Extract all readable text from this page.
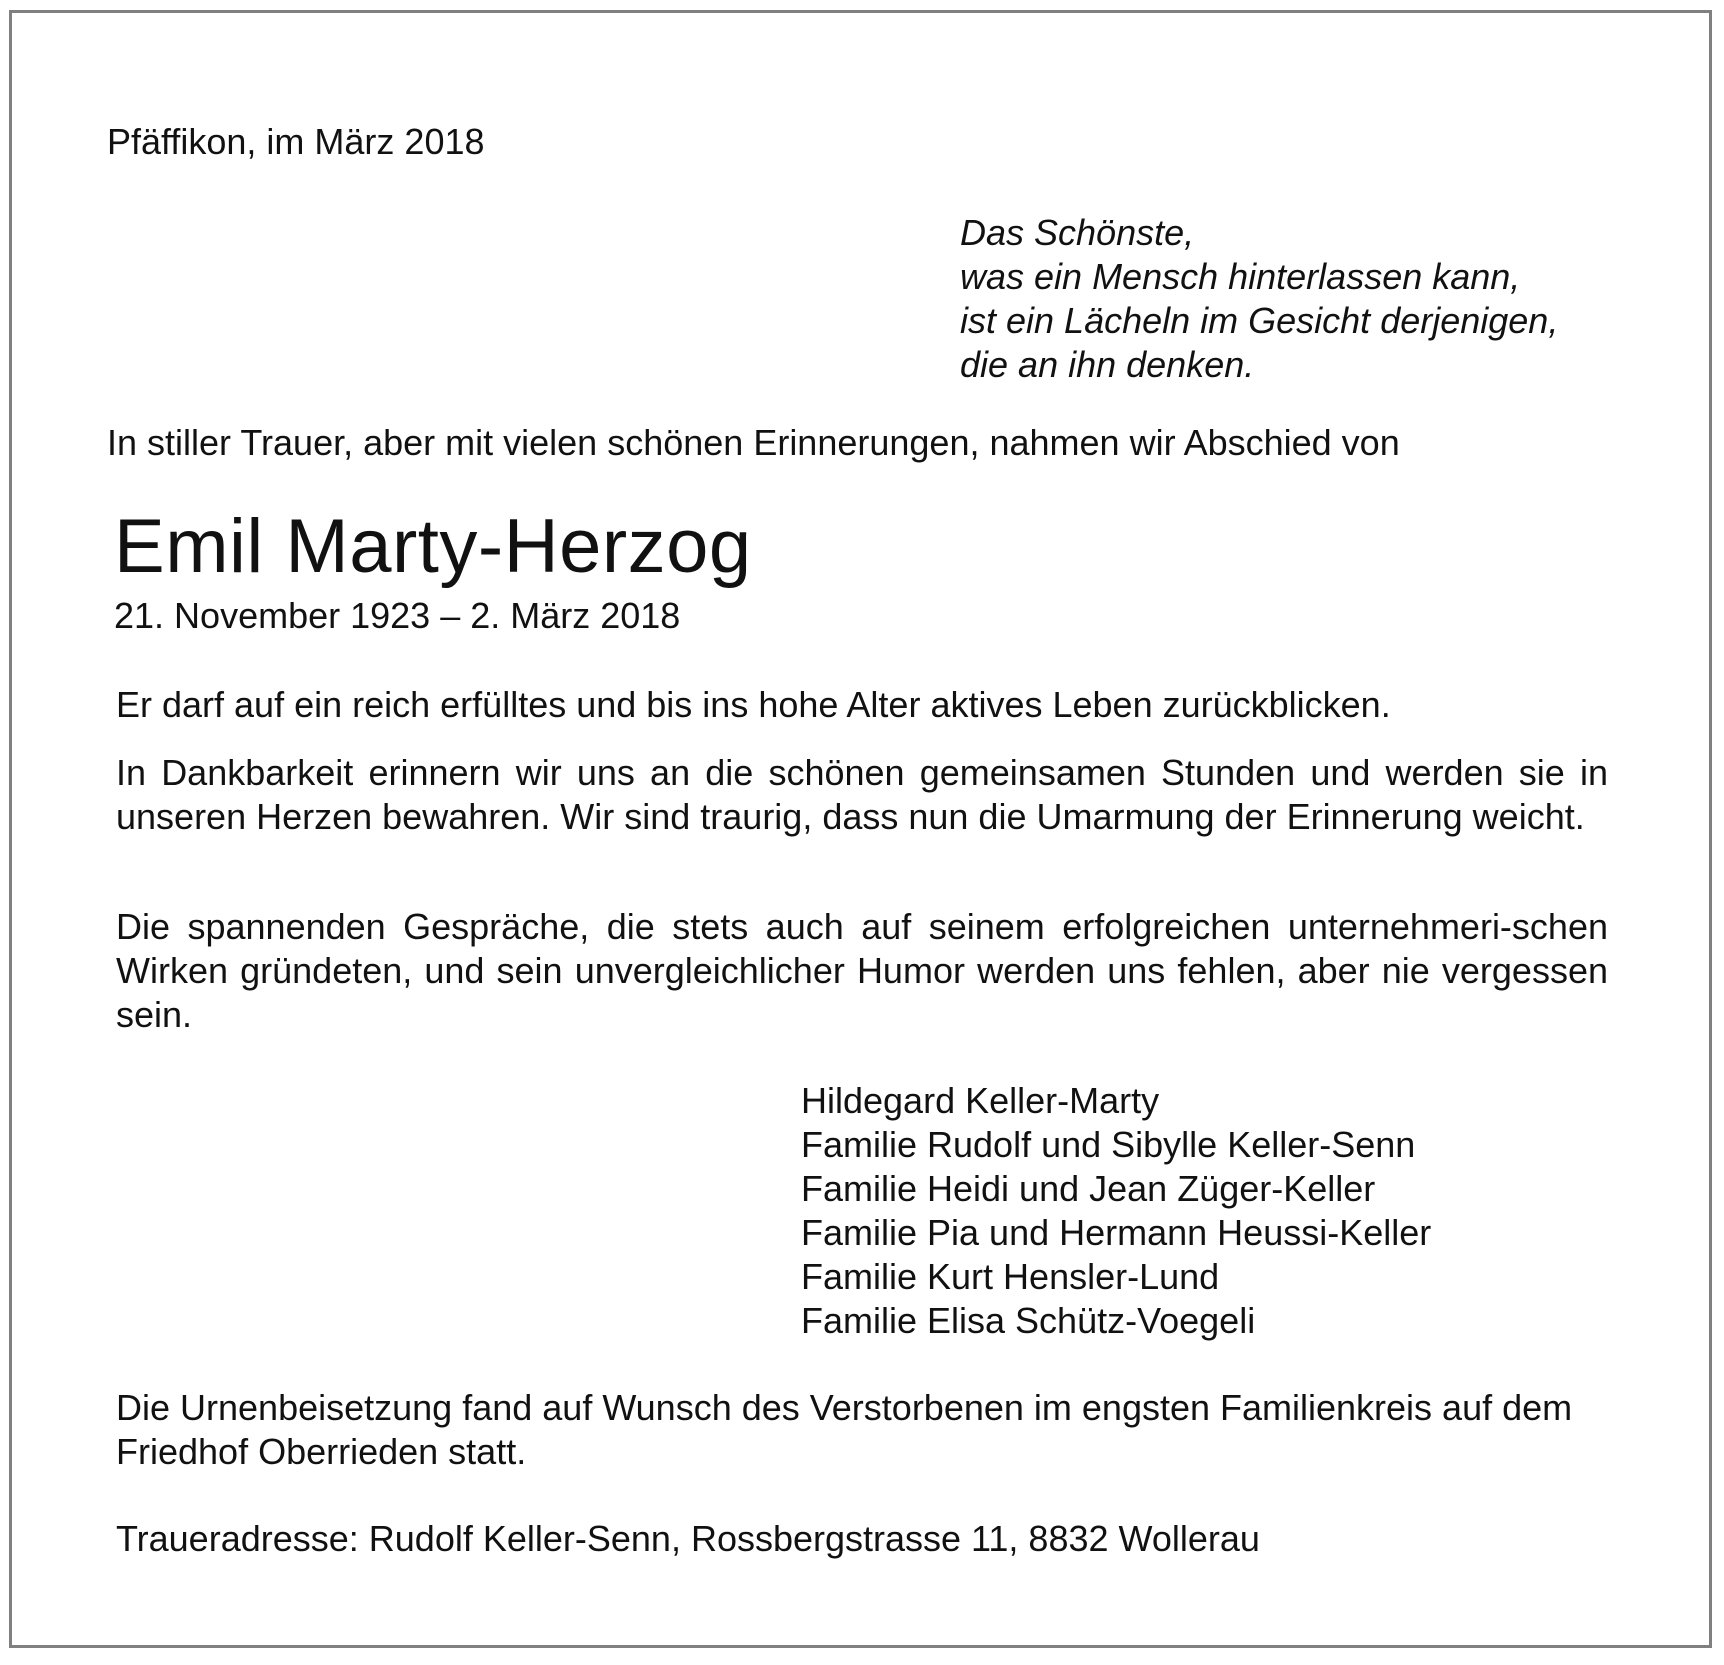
Pfäffikon, im März 2018

Das Schönste,
was ein Mensch hinterlassen kann,
ist ein Lächeln im Gesicht derjenigen,
die an ihn denken.

In stiller Trauer, aber mit vielen schönen Erinnerungen, nahmen wir Abschied von

Emil Marty-Herzog

21. November 1923 – 2. März 2018

Er darf auf ein reich erfülltes und bis ins hohe Alter aktives Leben zurückblicken.

In Dankbarkeit erinnern wir uns an die schönen gemeinsamen Stunden und werden sie in unseren Herzen bewahren. Wir sind traurig, dass nun die Umarmung der Erinnerung weicht.

Die spannenden Gespräche, die stets auch auf seinem erfolgreichen unternehmeri-schen Wirken gründeten, und sein unvergleichlicher Humor werden uns fehlen, aber nie vergessen sein.

Hildegard Keller-Marty
Familie Rudolf und Sibylle Keller-Senn
Familie Heidi und Jean Züger-Keller
Familie Pia und Hermann Heussi-Keller
Familie Kurt Hensler-Lund
Familie Elisa Schütz-Voegeli

Die Urnenbeisetzung fand auf Wunsch des Verstorbenen im engsten Familienkreis auf dem Friedhof Oberrieden statt.

Traueradresse: Rudolf Keller-Senn, Rossbergstrasse 11, 8832 Wollerau
